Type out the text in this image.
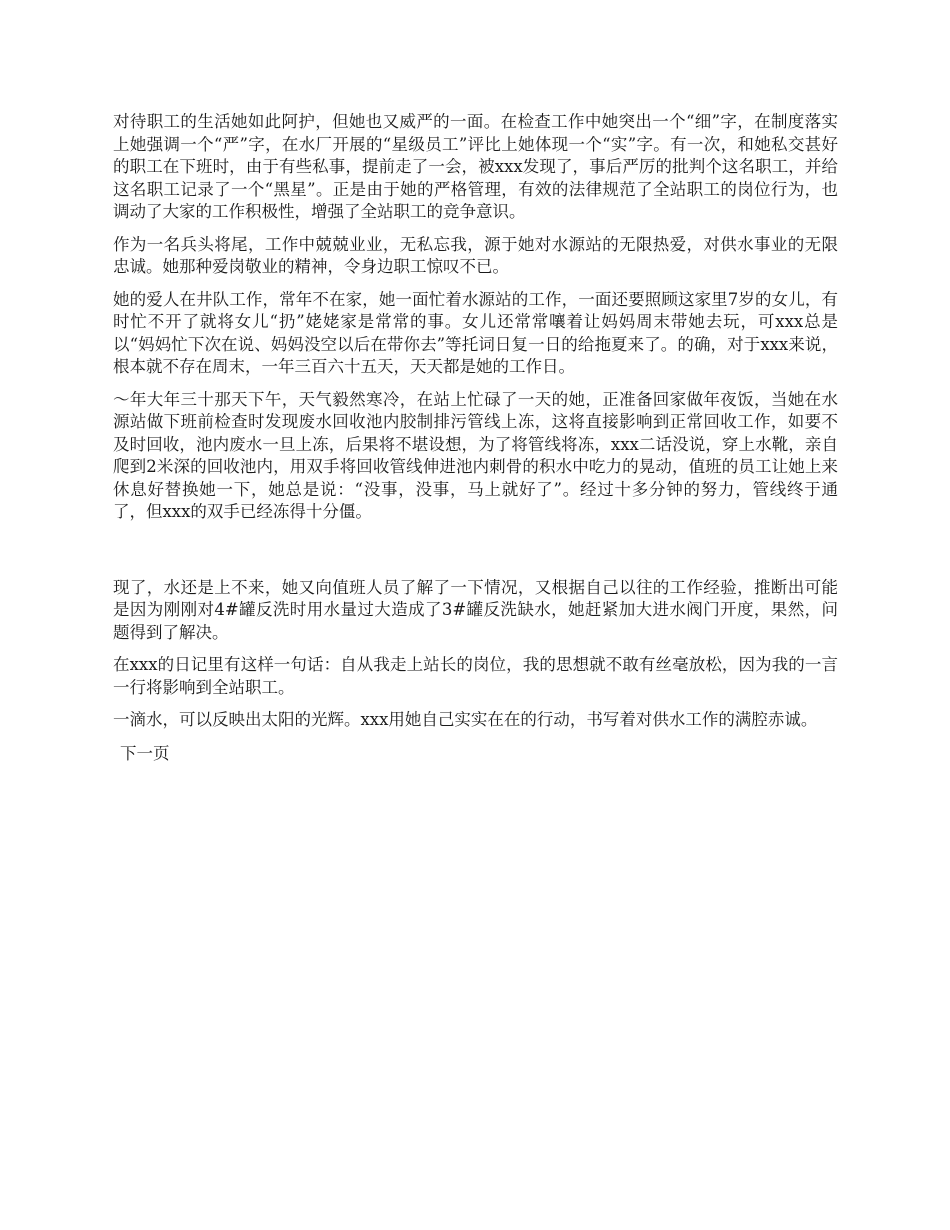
对待职工的生活她如此阿护，但她也又威严的一面。在检查工作中她突出一个“细”字，在制度落实上她强调一个“严”字，在水厂开展的“星级员工”评比上她体现一个“实”字。有一次，和她私交甚好的职工在下班时，由于有些私事，提前走了一会，被xxx发现了，事后严厉的批判个这名职工，并给这名职工记录了一个“黑星”。正是由于她的严格管理，有效的法律规范了全站职工的岗位行为，也调动了大家的工作积极性，增强了全站职工的竞争意识。

作为一名兵头将尾，工作中兢兢业业，无私忘我，源于她对水源站的无限热爱，对供水事业的无限忠诚。她那种爱岗敬业的精神，令身边职工惊叹不已。

她的爱人在井队工作，常年不在家，她一面忙着水源站的工作，一面还要照顾这家里7岁的女儿，有时忙不开了就将女儿“扔”姥姥家是常常的事。女儿还常常嚷着让妈妈周末带她去玩，可xxx总是以“妈妈忙下次在说、妈妈没空以后在带你去”等托词日复一日的给拖夏来了。的确，对于xxx来说，根本就不存在周末，一年三百六十五天，天天都是她的工作日。

～年大年三十那天下午，天气毅然寒冷，在站上忙碌了一天的她，正准备回家做年夜饭，当她在水源站做下班前检查时发现废水回收池内胶制排污管线上冻，这将直接影响到正常回收工作，如要不及时回收，池内废水一旦上冻，后果将不堪设想，为了将管线将冻，xxx二话没说，穿上水靴，亲自爬到2米深的回收池内，用双手将回收管线伸进池内刺骨的积水中吃力的晃动，值班的员工让她上来休息好替换她一下，她总是说：“没事，没事，马上就好了”。经过十多分钟的努力，管线终于通了，但xxx的双手已经冻得十分僵。

现了，水还是上不来，她又向值班人员了解了一下情况，又根据自己以往的工作经验，推断出可能是因为刚刚对4#罐反洗时用水量过大造成了3#罐反洗缺水，她赶紧加大进水阀门开度，果然，问题得到了解决。

在xxx的日记里有这样一句话：自从我走上站长的岗位，我的思想就不敢有丝毫放松，因为我的一言一行将影响到全站职工。

一滴水，可以反映出太阳的光辉。xxx用她自己实实在在的行动，书写着对供水工作的满腔赤诚。

下一页
